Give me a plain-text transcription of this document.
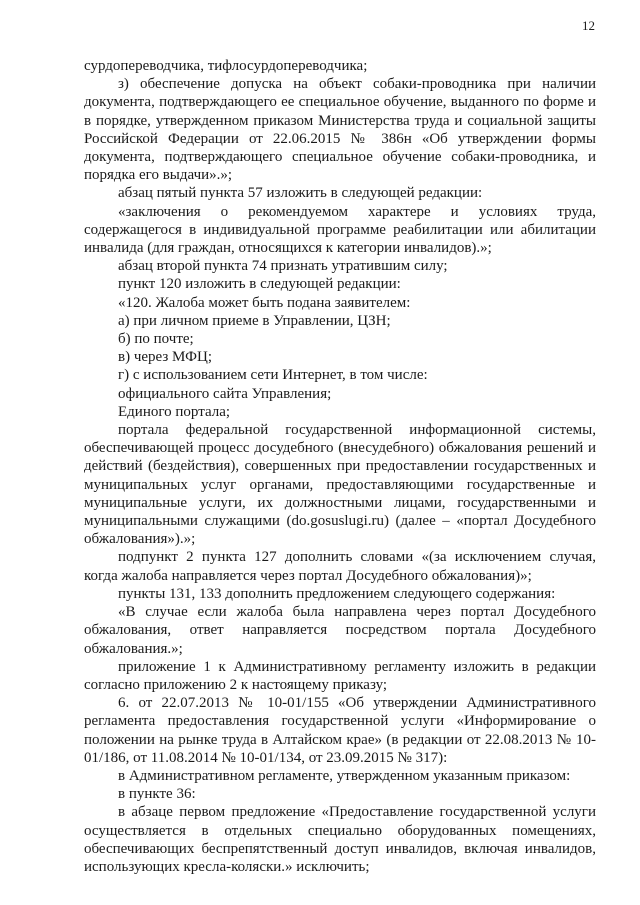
12

сурдопереводчика, тифлосурдопереводчика;

з) обеспечение допуска на объект собаки-проводника при наличии документа, подтверждающего ее специальное обучение, выданного по форме и в порядке, утвержденном приказом Министерства труда и социальной защиты Российской Федерации от 22.06.2015 № 386н «Об утверждении формы документа, подтверждающего специальное обучение собаки-проводника, и порядка его выдачи».»;

абзац пятый пункта 57 изложить в следующей редакции:

«заключения о рекомендуемом характере и условиях труда, содержащегося в индивидуальной программе реабилитации или абилитации инвалида (для граждан, относящихся к категории инвалидов).»;

абзац второй пункта 74 признать утратившим силу;

пункт 120 изложить в следующей редакции:

«120. Жалоба может быть подана заявителем:

а) при личном приеме в Управлении, ЦЗН;

б) по почте;

в) через МФЦ;

г) с использованием сети Интернет, в том числе:

официального сайта Управления;

Единого портала;

портала федеральной государственной информационной системы, обеспечивающей процесс досудебного (внесудебного) обжалования решений и действий (бездействия), совершенных при предоставлении государственных и муниципальных услуг органами, предоставляющими государственные и муниципальные услуги, их должностными лицами, государственными и муниципальными служащими (do.gosuslugi.ru) (далее – «портал Досудебного обжалования»).»;

подпункт 2 пункта 127 дополнить словами «(за исключением случая, когда жалоба направляется через портал Досудебного обжалования)»;

пункты 131, 133 дополнить предложением следующего содержания:

«В случае если жалоба была направлена через портал Досудебного обжалования, ответ направляется посредством портала Досудебного обжалования.»;

приложение 1 к Административному регламенту изложить в редакции согласно приложению 2 к настоящему приказу;

6. от 22.07.2013 № 10-01/155 «Об утверждении Административного регламента предоставления государственной услуги «Информирование о положении на рынке труда в Алтайском крае» (в редакции от 22.08.2013 № 10-01/186, от 11.08.2014 № 10-01/134, от 23.09.2015 № 317):

в Административном регламенте, утвержденном указанным приказом:

в пункте 36:

в абзаце первом предложение «Предоставление государственной услуги осуществляется в отдельных специально оборудованных помещениях, обеспечивающих беспрепятственный доступ инвалидов, включая инвалидов, использующих кресла-коляски.» исключить;
